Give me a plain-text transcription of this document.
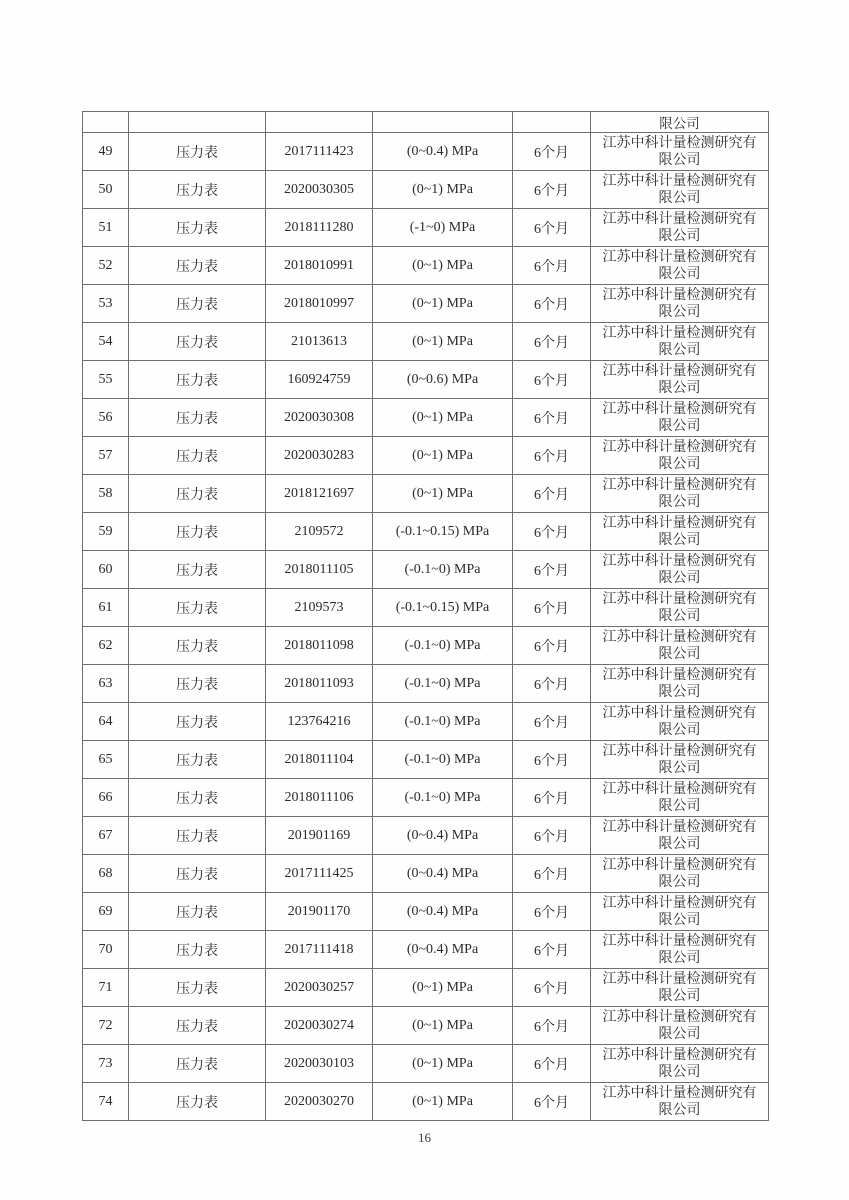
					限公司
49	压力表	2017111423	(0~0.4) MPa	6个月	江苏中科计量检测研究有
限公司

50	压力表	2020030305	(0~1) MPa	6个月	江苏中科计量检测研究有
限公司

51	压力表	2018111280	(-1~0) MPa	6个月	江苏中科计量检测研究有
限公司

52	压力表	2018010991	(0~1) MPa	6个月	江苏中科计量检测研究有
限公司

53	压力表	2018010997	(0~1) MPa	6个月	江苏中科计量检测研究有
限公司

54	压力表	21013613	(0~1) MPa	6个月	江苏中科计量检测研究有
限公司

55	压力表	160924759	(0~0.6) MPa	6个月	江苏中科计量检测研究有
限公司

56	压力表	2020030308	(0~1) MPa	6个月	江苏中科计量检测研究有
限公司

57	压力表	2020030283	(0~1) MPa	6个月	江苏中科计量检测研究有
限公司

58	压力表	2018121697	(0~1) MPa	6个月	江苏中科计量检测研究有
限公司

59	压力表	2109572	(-0.1~0.15) MPa	6个月	江苏中科计量检测研究有
限公司

60	压力表	2018011105	(-0.1~0) MPa	6个月	江苏中科计量检测研究有
限公司

61	压力表	2109573	(-0.1~0.15) MPa	6个月	江苏中科计量检测研究有
限公司

62	压力表	2018011098	(-0.1~0) MPa	6个月	江苏中科计量检测研究有
限公司

63	压力表	2018011093	(-0.1~0) MPa	6个月	江苏中科计量检测研究有
限公司

64	压力表	123764216	(-0.1~0) MPa	6个月	江苏中科计量检测研究有
限公司

65	压力表	2018011104	(-0.1~0) MPa	6个月	江苏中科计量检测研究有
限公司

66	压力表	2018011106	(-0.1~0) MPa	6个月	江苏中科计量检测研究有
限公司

67	压力表	201901169	(0~0.4) MPa	6个月	江苏中科计量检测研究有
限公司

68	压力表	2017111425	(0~0.4) MPa	6个月	江苏中科计量检测研究有
限公司

69	压力表	201901170	(0~0.4) MPa	6个月	江苏中科计量检测研究有
限公司

70	压力表	2017111418	(0~0.4) MPa	6个月	江苏中科计量检测研究有
限公司

71	压力表	2020030257	(0~1) MPa	6个月	江苏中科计量检测研究有
限公司

72	压力表	2020030274	(0~1) MPa	6个月	江苏中科计量检测研究有
限公司

73	压力表	2020030103	(0~1) MPa	6个月	江苏中科计量检测研究有
限公司

74	压力表	2020030270	(0~1) MPa	6个月	江苏中科计量检测研究有
限公司
16
